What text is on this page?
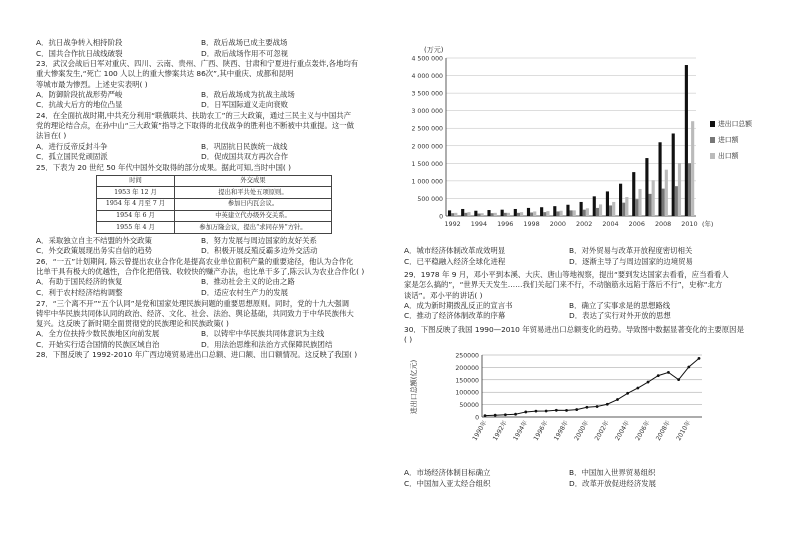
A．抗日战争转入相持阶段	B．敌后战场已成主要战场
C．国共合作抗日战线破裂	D．敌后战场作用不可忽视
23．武汉会战后日军对重庆、四川、云南、贵州、广西、陕西、甘肃和宁夏进行重点轰炸,各地均有
重大惨案发生,“死亡 100 人以上的重大惨案共达 86次”,其中重庆、成都和昆明
等城市最为惨烈。上述史实表明( )
A．防御阶段抗战形势严峻	B．敌后战场成为抗战主战场
C．抗战大后方的地位凸显	D．日军国际道义走向衰败
24．在全面抗战时期,中共充分利用“联俄联共、扶助农工”的三大政策，通过三民主义与中国共产
党的理论结合点，在孙中山“三大政策”指导之下取得的北伐战争的胜利也不断被中共重提。这一做
法旨在( )
A．进行反帝反封斗争	B．巩固抗日民族统一战线
C．孤立国民党顽固派	D．促成国共双方再次合作
25．下表为 20 世纪 50 年代中国外交取得的部分成果。据此可知,当时中国( )
时间	外交成果
1953 年 12 月	提出和平共处五项原则。
1954 年 4 月至 7 月	参加日内瓦会议。
1954 年 6 月	中英建立代办级外交关系。
1955 年 4 月	参加万隆会议，提出“求同存异”方针。
A．采取独立自主不结盟的外交政策	B．努力发展与周边国家的友好关系
C．外交政策展现出务实自信的趋势	D．积极开展反殖反霸多边外交活动
26．“一五”计划期间, 陈云曾提出农业合作化是提高农业单位面积产量的重要途径，他认为合作化
比单干具有极大的优越性，合作化把借钱、收较快的赚产办法，也比单干多了,陈云认为农业合作化( )
A．有助于国民经济的恢复	B．推动社会主义的论由之路
C．利于农村经济结构调整	D．适应农村生产力的发展
27．“三个离不开”“五个认同”是党和国家处理民族问题的重要思想原则。同时，党的十九大强调
铸牢中华民族共同体认同的政治、经济、文化、社会、法治、舆论基础，共同致力于中华民族伟大
复兴。这反映了新时期全面贯彻党的民族理论和民族政策( )
A．全方位扶持少数民族地区向前发展	B．以铸牢中华民族共同体意识为主线
C．开始实行适合国情的民族区域自治	D．用法治思维和法治方式保障民族团结
28．下图反映了 1992-2010 年广西边境贸易进出口总额、进口额、出口额情况。这反映了我国( )
(万元)
0
500 000
1 000 000
1 500 000
2 000 000
2 500 000
3 000 000
3 500 000
4 000 000
4 500 000
1992 1994 1996 1998 2000 2002 2004 2006 2008 2010 (年)
进出口总额
进口额
出口额
A．城市经济体制改革成效明显	B．对外贸易与改革开放程度密切相关
C．已平稳融入经济全球化进程	D．逐渐主导了与周边国家的边境贸易
29．1978 年 9 月，邓小平到本溪、大庆、唐山等地视察，提出“要到发达国家去看看，应当看看人
家是怎么搞的”，“世界天天发生……我们关起门来不行，不动脑筋永远陷于落后不行”，史称“北方
谈话”。邓小平的讲话( )
A．成为新时期拨乱反正的宣言书	B．确立了实事求是的思想路线
C．推动了经济体制改革的序幕	D．表达了实行对外开放的思想
30．下图反映了我国 1990—2010 年贸易进出口总额变化的趋势。导致图中数据显著变化的主要原因是
( )
进出口总额(亿元)
0
50000
100000
150000
200000
250000
1990年 1992年 1994年 1996年 1998年 2000年 2002年 2004年 2006年 2008年 2010年
A．市场经济体制目标确立	B．中国加入世界贸易组织
C．中国加入亚太经合组织	D．改革开放促进经济发展
